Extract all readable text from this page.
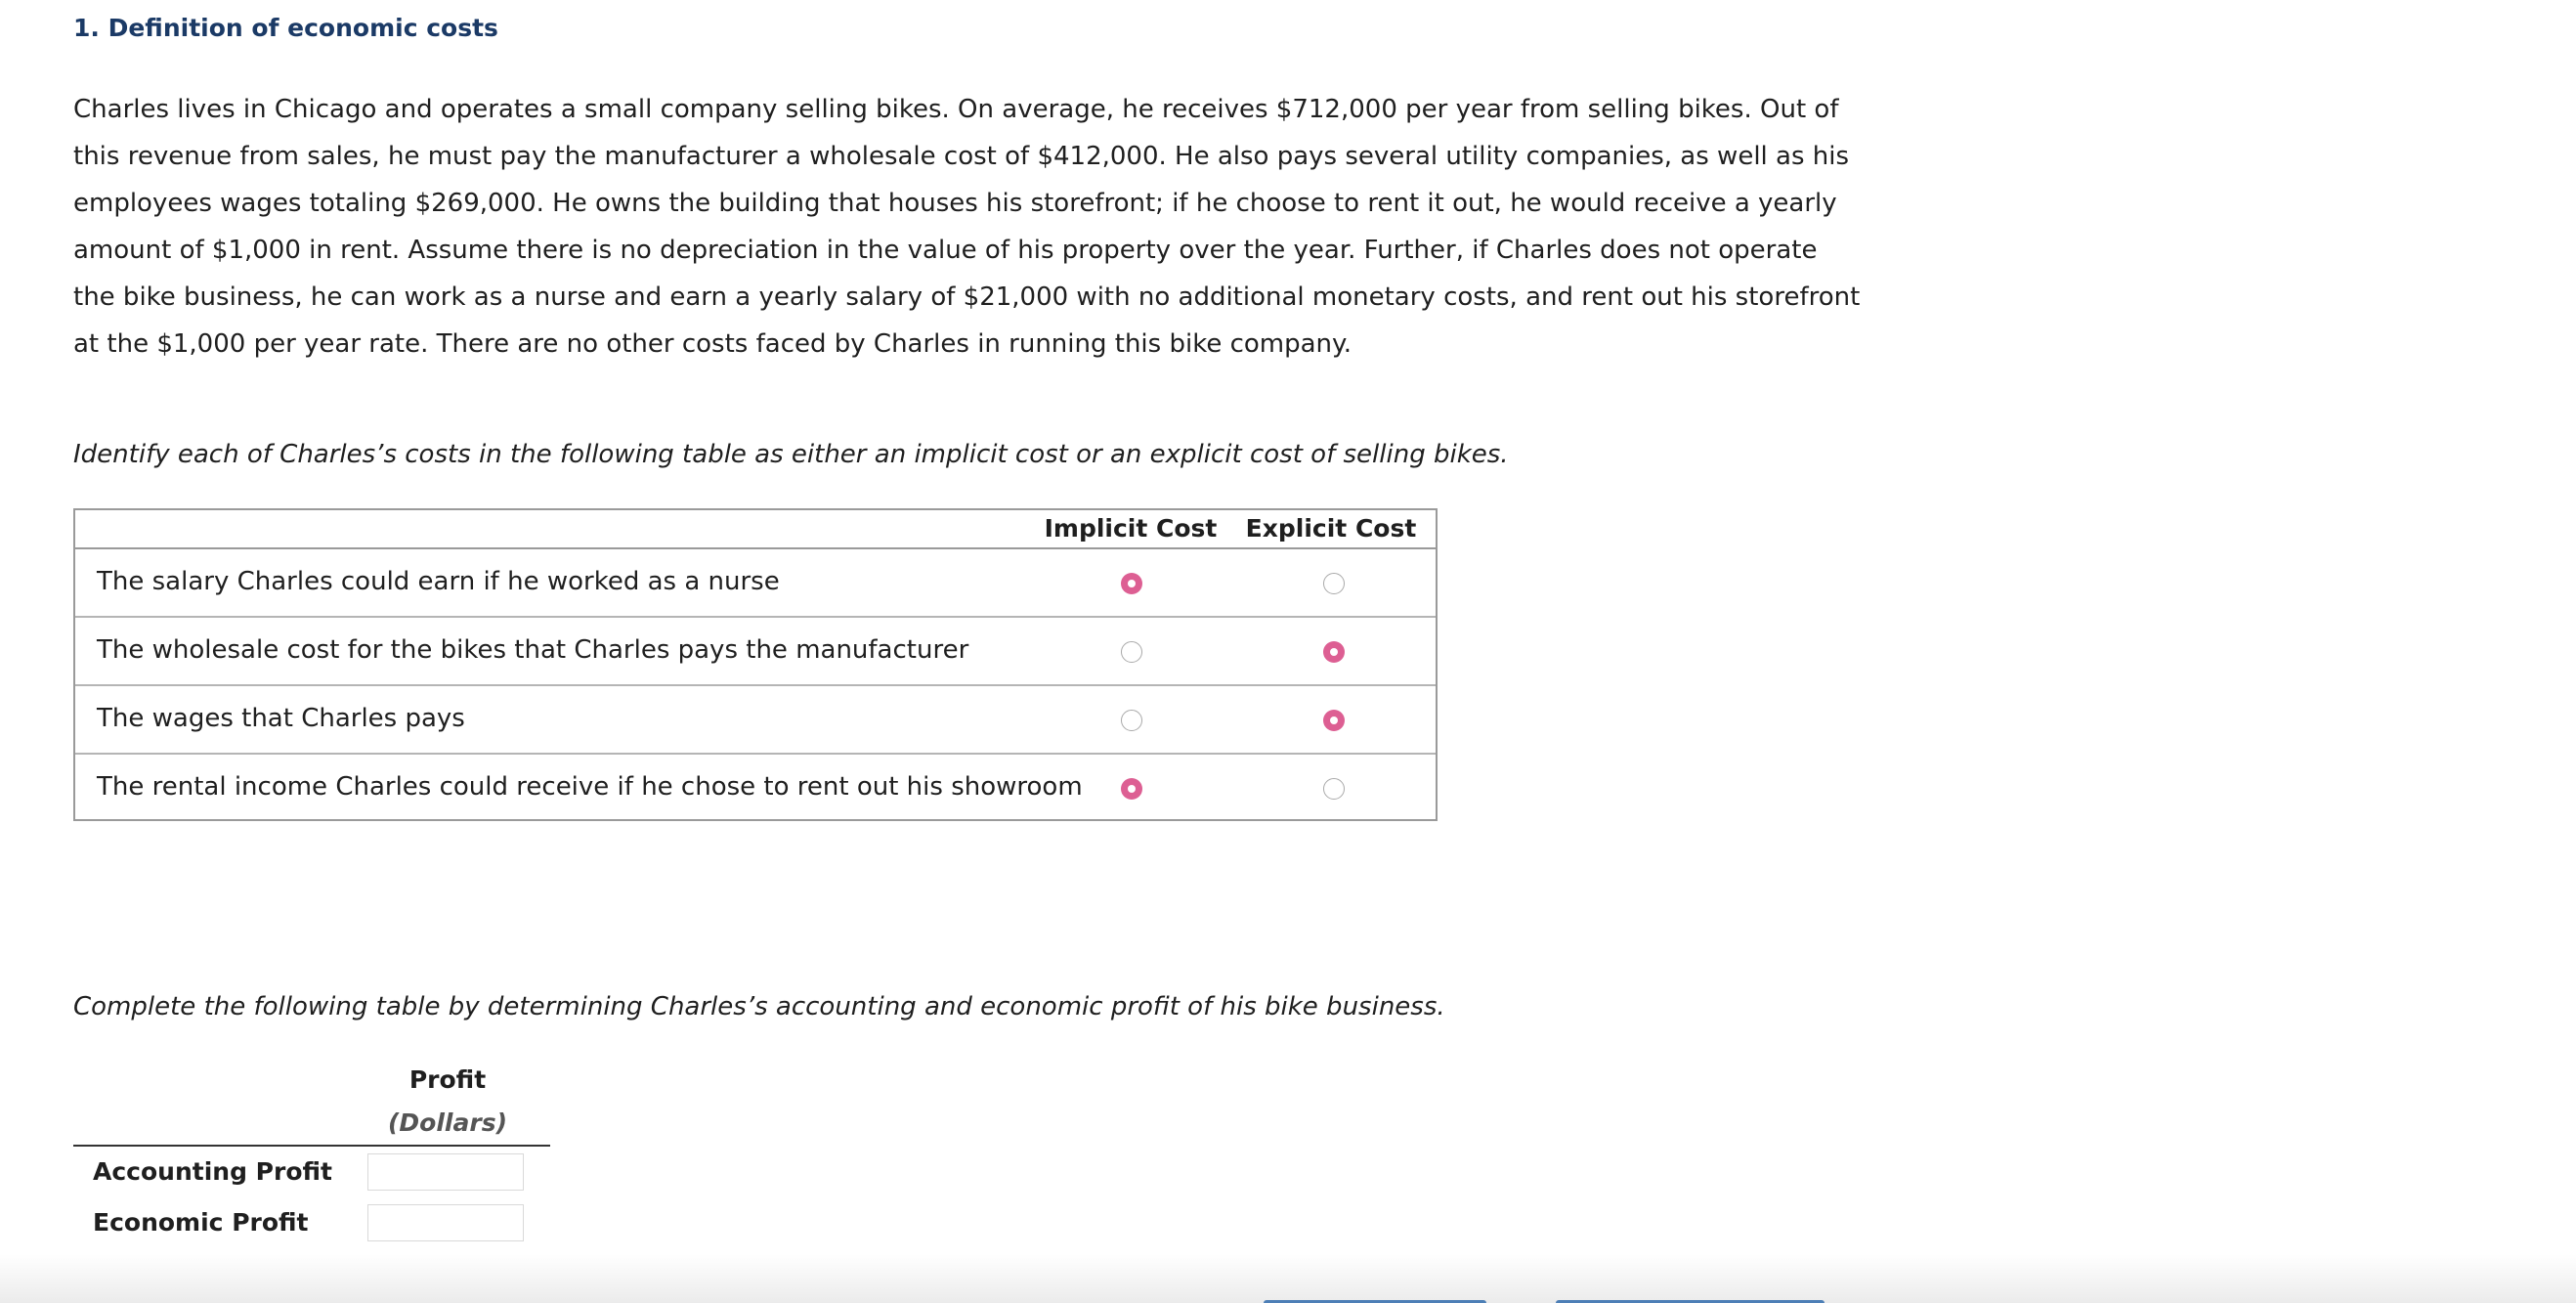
1. Definition of economic costs
Charles lives in Chicago and operates a small company selling bikes. On average, he receives $712,000 per year from selling bikes. Out of this revenue from sales, he must pay the manufacturer a wholesale cost of $412,000. He also pays several utility companies, as well as his employees wages totaling $269,000. He owns the building that houses his storefront; if he choose to rent it out, he would receive a yearly amount of $1,000 in rent. Assume there is no depreciation in the value of his property over the year. Further, if Charles does not operate the bike business, he can work as a nurse and earn a yearly salary of $21,000 with no additional monetary costs, and rent out his storefront at the $1,000 per year rate. There are no other costs faced by Charles in running this bike company.
Identify each of Charles’s costs in the following table as either an implicit cost or an explicit cost of selling bikes.
Implicit Cost	Explicit Cost
The salary Charles could earn if he worked as a nurse
The wholesale cost for the bikes that Charles pays the manufacturer
The wages that Charles pays
The rental income Charles could receive if he chose to rent out his showroom
Complete the following table by determining Charles’s accounting and economic profit of his bike business.
Profit
(Dollars)
Accounting Profit
Economic Profit
